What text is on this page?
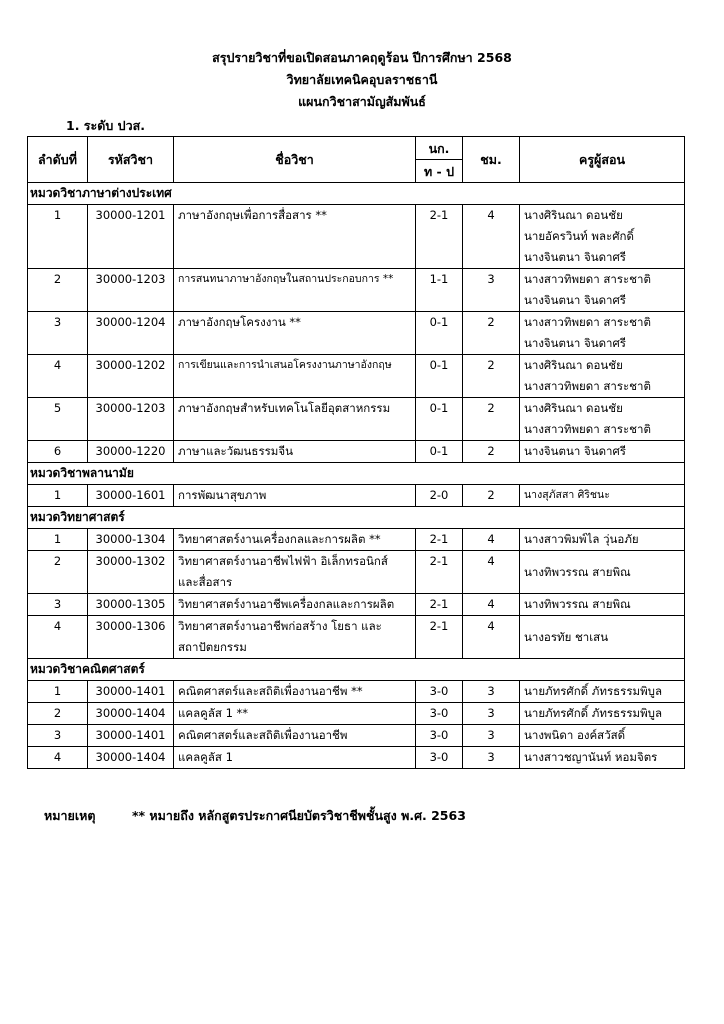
สรุปรายวิชาที่ขอเปิดสอนภาคฤดูร้อน ปีการศึกษา 2568
วิทยาลัยเทคนิคอุบลราชธานี
แผนกวิชาสามัญสัมพันธ์
1. ระดับ ปวส.
ลำดับที่	รหัสวิชา	ชื่อวิชา	นก.	ชม.	ครูผู้สอน
			ท - ป		
หมวดวิชาภาษาต่างประเทศ					
1	30000-1201	ภาษาอังกฤษเพื่อการสื่อสาร **	2-1	4	นางศิรินณา ดอนชัย
นายอัครวินท์ พละศักดิ์
นางจินตนา จินดาศรี

2	30000-1203	การสนทนาภาษาอังกฤษในสถานประกอบการ **	1-1	3	นางสาวทิพยดา สาระชาติ
นางจินตนา จินดาศรี

3	30000-1204	ภาษาอังกฤษโครงงาน **	0-1	2	นางสาวทิพยดา สาระชาติ
นางจินตนา จินดาศรี

4	30000-1202	การเขียนและการนำเสนอโครงงานภาษาอังกฤษ	0-1	2	นางศิรินณา ดอนชัย
นางสาวทิพยดา สาระชาติ

5	30000-1203	ภาษาอังกฤษสำหรับเทคโนโลยีอุตสาหกรรม	0-1	2	นางศิรินณา ดอนชัย
นางสาวทิพยดา สาระชาติ

6	30000-1220	ภาษาและวัฒนธรรมจีน	0-1	2	นางจินตนา จินดาศรี

หมวดวิชาพลานามัย					
1	30000-1601	การพัฒนาสุขภาพ	2-0	2	นางสุภัสสา ศิริชนะ

หมวดวิทยาศาสตร์					
1	30000-1304	วิทยาศาสตร์งานเครื่องกลและการผลิต **	2-1	4	นางสาวพิมพ์ไล วุ่นอภัย

2	30000-1302	วิทยาศาสตร์งานอาชีพไฟฟ้า อิเล็กทรอนิกส์
และสื่อสาร	2-1	4	นางทิพวรรณ สายพิณ

3	30000-1305	วิทยาศาสตร์งานอาชีพเครื่องกลและการผลิต	2-1	4	นางทิพวรรณ สายพิณ

4	30000-1306	วิทยาศาสตร์งานอาชีพก่อสร้าง โยธา และ
สถาปัตยกรรม	2-1	4	นางอรทัย ชาเสน

หมวดวิชาคณิตศาสตร์					
1	30000-1401	คณิตศาสตร์และสถิติเพื่องานอาชีพ **	3-0	3	นายภัทรศักดิ์ ภัทรธรรมพิบูล

2	30000-1404	แคลคูลัส 1 **	3-0	3	นายภัทรศักดิ์ ภัทรธรรมพิบูล

3	30000-1401	คณิตศาสตร์และสถิติเพื่องานอาชีพ	3-0	3	นางพนิดา องค์สวัสดิ์

4	30000-1404	แคลคูลัส 1	3-0	3	นางสาวชญานันท์ หอมจิตร
หมายเหตุ	** หมายถึง หลักสูตรประกาศนียบัตรวิชาชีพชั้นสูง พ.ศ. 2563
